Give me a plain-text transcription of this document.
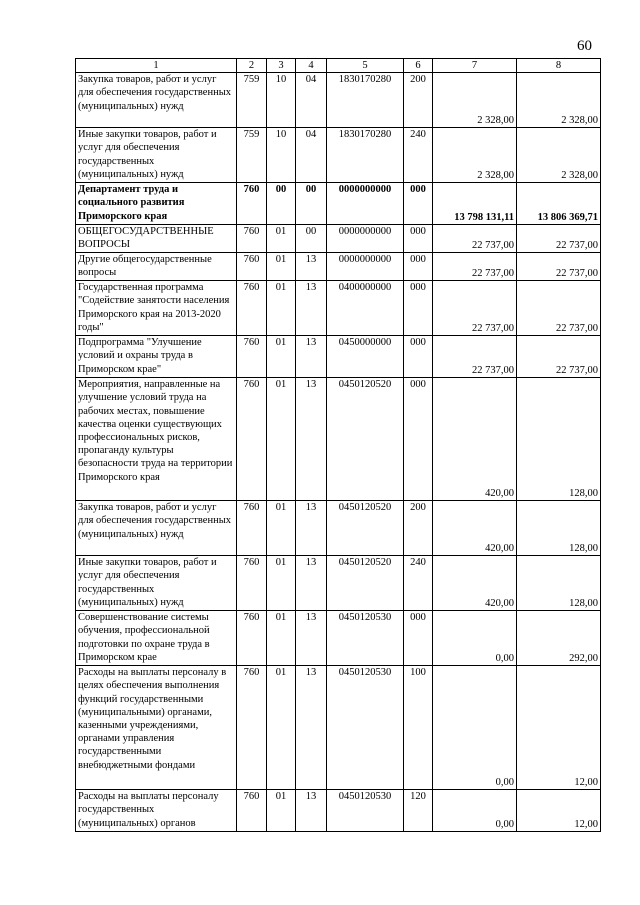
60
1	2	3	4	5	6	7	8
Закупка товаров, работ и услуг для обеспечения государственных (муниципальных) нужд	759	10	04	1830170280	200	2 328,00	2 328,00
Иные закупки товаров, работ и услуг для обеспечения государственных (муниципальных) нужд	759	10	04	1830170280	240	2 328,00	2 328,00
Департамент труда и социального развития Приморского края	760	00	00	0000000000	000	13 798 131,11	13 806 369,71
ОБЩЕГОСУДАРСТВЕННЫЕ ВОПРОСЫ	760	01	00	0000000000	000	22 737,00	22 737,00
Другие общегосударственные вопросы	760	01	13	0000000000	000	22 737,00	22 737,00
Государственная программа "Содействие занятости населения Приморского края на 2013-2020 годы"	760	01	13	0400000000	000	22 737,00	22 737,00
Подпрограмма "Улучшение условий и охраны труда в Приморском крае"	760	01	13	0450000000	000	22 737,00	22 737,00
Мероприятия, направленные на улучшение условий труда на рабочих местах, повышение качества оценки существующих профессиональных рисков, пропаганду культуры безопасности труда на территории Приморского края	760	01	13	0450120520	000	420,00	128,00
Закупка товаров, работ и услуг для обеспечения государственных (муниципальных) нужд	760	01	13	0450120520	200	420,00	128,00
Иные закупки товаров, работ и услуг для обеспечения государственных (муниципальных) нужд	760	01	13	0450120520	240	420,00	128,00
Совершенствование системы обучения, профессиональной подготовки по охране труда в Приморском крае	760	01	13	0450120530	000	0,00	292,00
Расходы на выплаты персоналу в целях обеспечения выполнения функций государственными (муниципальными) органами, казенными учреждениями, органами управления государственными внебюджетными фондами	760	01	13	0450120530	100	0,00	12,00
Расходы на выплаты персоналу государственных (муниципальных) органов	760	01	13	0450120530	120	0,00	12,00
